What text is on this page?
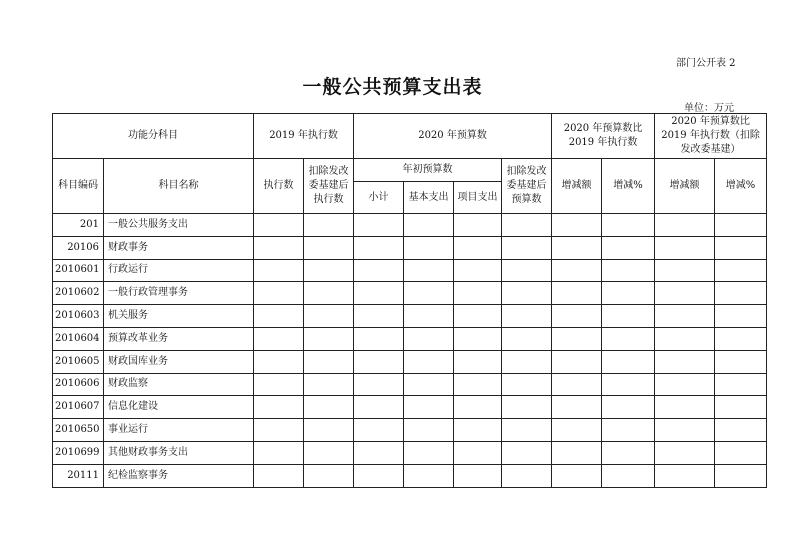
部门公开表 2
一般公共预算支出表
单位：万元
功能分科目		2019 年执行数		2020 年预算数				2020 年预算数比 2019 年执行数		2020 年预算数比 2019 年执行数（扣除发改委基建）	
科目编码	科目名称	执行数	扣除发改委基建后执行数	年初预算数			扣除发改委基建后预算数	增减额	增减%	增减额	增减%
				小计	基本支出	项目支出					
201	一般公共服务支出										
20106	财政事务										
2010601	行政运行										
2010602	一般行政管理事务										
2010603	机关服务										
2010604	预算改革业务										
2010605	财政国库业务										
2010606	财政监察										
2010607	信息化建设										
2010650	事业运行										
2010699	其他财政事务支出										
20111	纪检监察事务										
